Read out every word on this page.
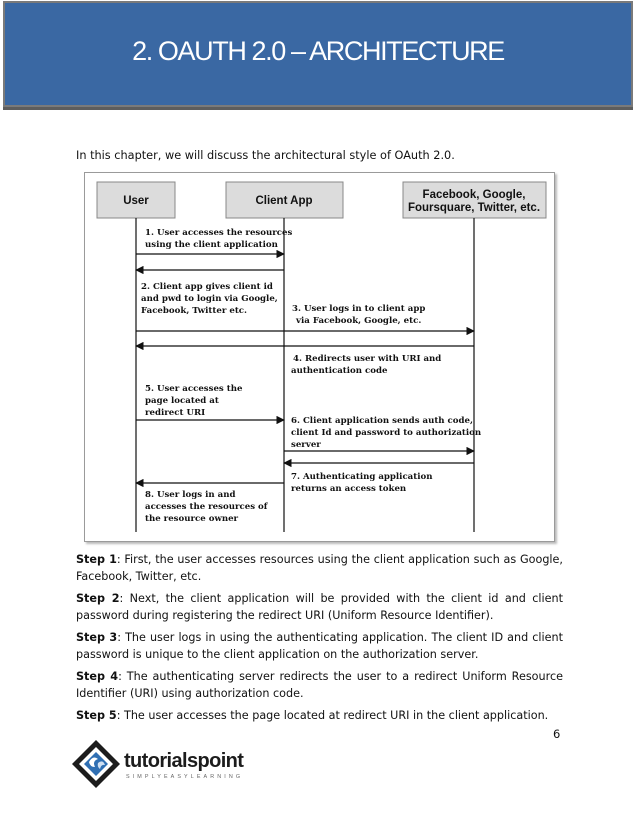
2. OAUTH 2.0 – ARCHITECTURE
In this chapter, we will discuss the architectural style of OAuth 2.0.
User	Client App	Facebook, Google,
Foursquare, Twitter, etc.
1. User accesses the resources
using the client application
2. Client app gives client id
and pwd to login via Google,
Facebook, Twitter etc.	3. User logs in to client app
via Facebook, Google, etc.
4. Redirects user with URI and
authentication code
5. User accesses the
page located at
redirect URI
6. Client application sends auth code,
client Id and password to authorization
server
7. Authenticating application
returns an access token
8. User logs in and
accesses the resources of
the resource owner

Step 1: First, the user accesses resources using the client application such as Google, Facebook, Twitter, etc.

Step 2: Next, the client application will be provided with the client id and client password during registering the redirect URI (Uniform Resource Identifier).

Step 3: The user logs in using the authenticating application. The client ID and client password is unique to the client application on the authorization server.

Step 4: The authenticating server redirects the user to a redirect Uniform Resource Identifier (URI) using authorization code.

Step 5: The user accesses the page located at redirect URI in the client application.

6
tutorialspoint
SIMPLYEASYLEARNING
